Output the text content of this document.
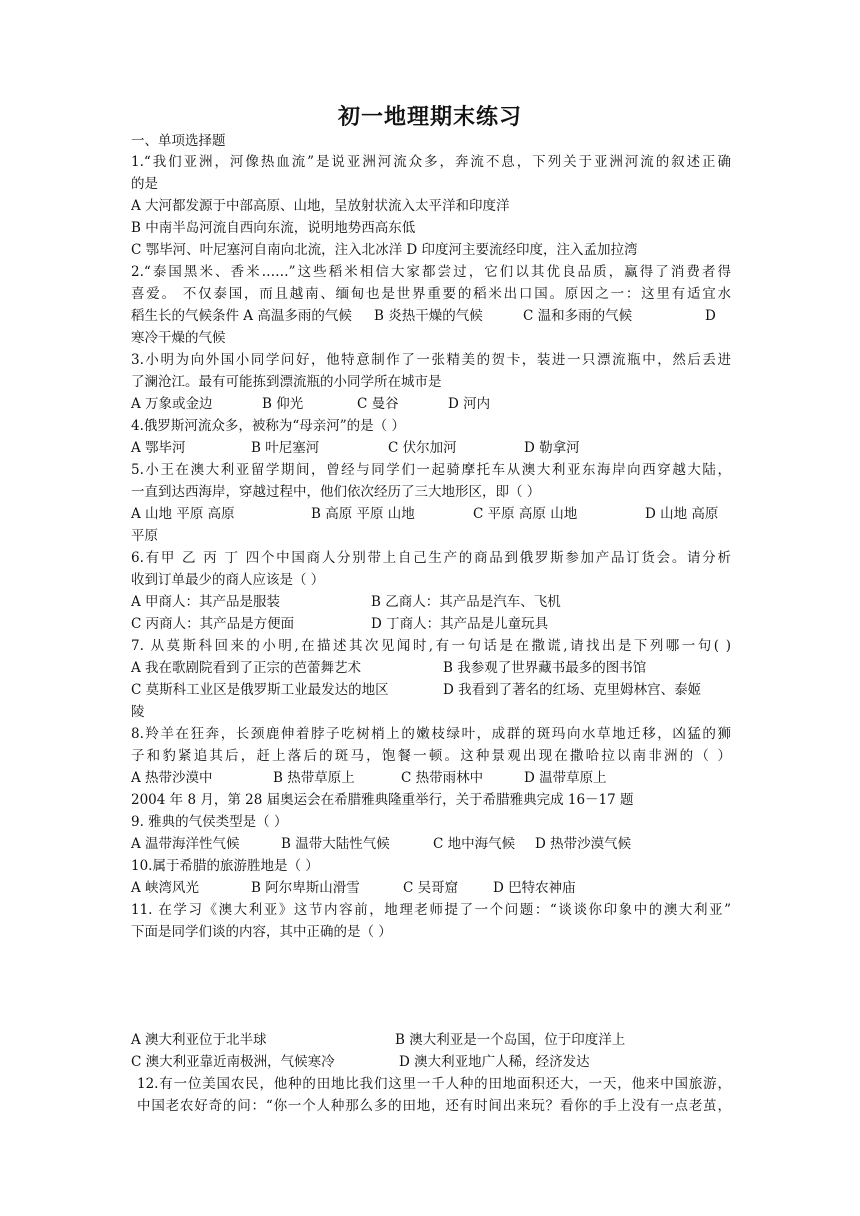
初一地理期末练习
一、单项选择题
1.“我们亚洲，河像热血流”是说亚洲河流众多，奔流不息，下列关于亚洲河流的叙述正确
的是
A 大河都发源于中部高原、山地，呈放射状流入太平洋和印度洋
B 中南半岛河流自西向东流，说明地势西高东低
C 鄂毕河、叶尼塞河自南向北流，注入北冰洋 D 印度河主要流经印度，注入孟加拉湾
2.“泰国黑米、香米……”这些稻米相信大家都尝过，它们以其优良品质，赢得了消费者得
喜爱。 不仅泰国，而且越南、缅甸也是世界重要的稻米出口国。原因之一：这里有适宜水
稻生长的气候条件 A 高温多雨的气候 B 炎热干燥的气候	C 温和多雨的气候	D
寒冷干燥的气候
3.小明为向外国小同学问好，他特意制作了一张精美的贺卡，装进一只漂流瓶中，然后丢进
了澜沧江。最有可能拣到漂流瓶的小同学所在城市是
A 万象或金边	B 仰光	C 曼谷	D 河内
4.俄罗斯河流众多，被称为“母亲河”的是（ ）
A 鄂毕河	B 叶尼塞河	C 伏尔加河	D 勒拿河
5.小王在澳大利亚留学期间，曾经与同学们一起骑摩托车从澳大利亚东海岸向西穿越大陆，
一直到达西海岸，穿越过程中，他们依次经历了三大地形区，即（ ）
A 山地 平原 高原	B 高原 平原 山地	C 平原 高原 山地	D 山地 高原
平原
6.有甲 乙 丙 丁 四个中国商人分别带上自己生产的商品到俄罗斯参加产品订货会。请分析
收到订单最少的商人应该是（ ）
A 甲商人：其产品是服装	B 乙商人：其产品是汽车、飞机
C 丙商人：其产品是方便面	D 丁商人：其产品是儿童玩具
7. 从莫斯科回来的小明,在描述其次见闻时,有一句话是在撒谎,请找出是下列哪一句( )
A 我在歌剧院看到了正宗的芭蕾舞艺术	B 我参观了世界藏书最多的图书馆
C 莫斯科工业区是俄罗斯工业最发达的地区	D 我看到了著名的红场、克里姆林宫、泰姬
陵
8.羚羊在狂奔，长颈鹿伸着脖子吃树梢上的嫩枝绿叶，成群的斑玛向水草地迁移，凶猛的狮
子和豹紧追其后，赶上落后的斑马，饱餐一顿。这种景观出现在撒哈拉以南非洲的（ ）
A 热带沙漠中	B 热带草原上	C 热带雨林中	D 温带草原上
2004 年 8 月，第 28 届奥运会在希腊雅典隆重举行，关于希腊雅典完成 16－17 题
9. 雅典的气侯类型是（ ）
A 温带海洋性气候	B 温带大陆性气候	C 地中海气候 D 热带沙漠气候
10.属于希腊的旅游胜地是（ ）
A 峡湾风光	B 阿尔卑斯山滑雪	C 吴哥窟	D 巴特农神庙
11. 在学习《澳大利亚》这节内容前，地理老师提了一个问题：“谈谈你印象中的澳大利亚”
下面是同学们谈的内容，其中正确的是（ ）
A 澳大利亚位于北半球	B 澳大利亚是一个岛国，位于印度洋上
C 澳大利亚靠近南极洲，气候寒冷	D 澳大利亚地广人稀，经济发达
12.有一位美国农民，他种的田地比我们这里一千人种的田地面积还大，一天，他来中国旅游，
中国老农好奇的问：“你一个人种那么多的田地，还有时间出来玩？看你的手上没有一点老茧，
